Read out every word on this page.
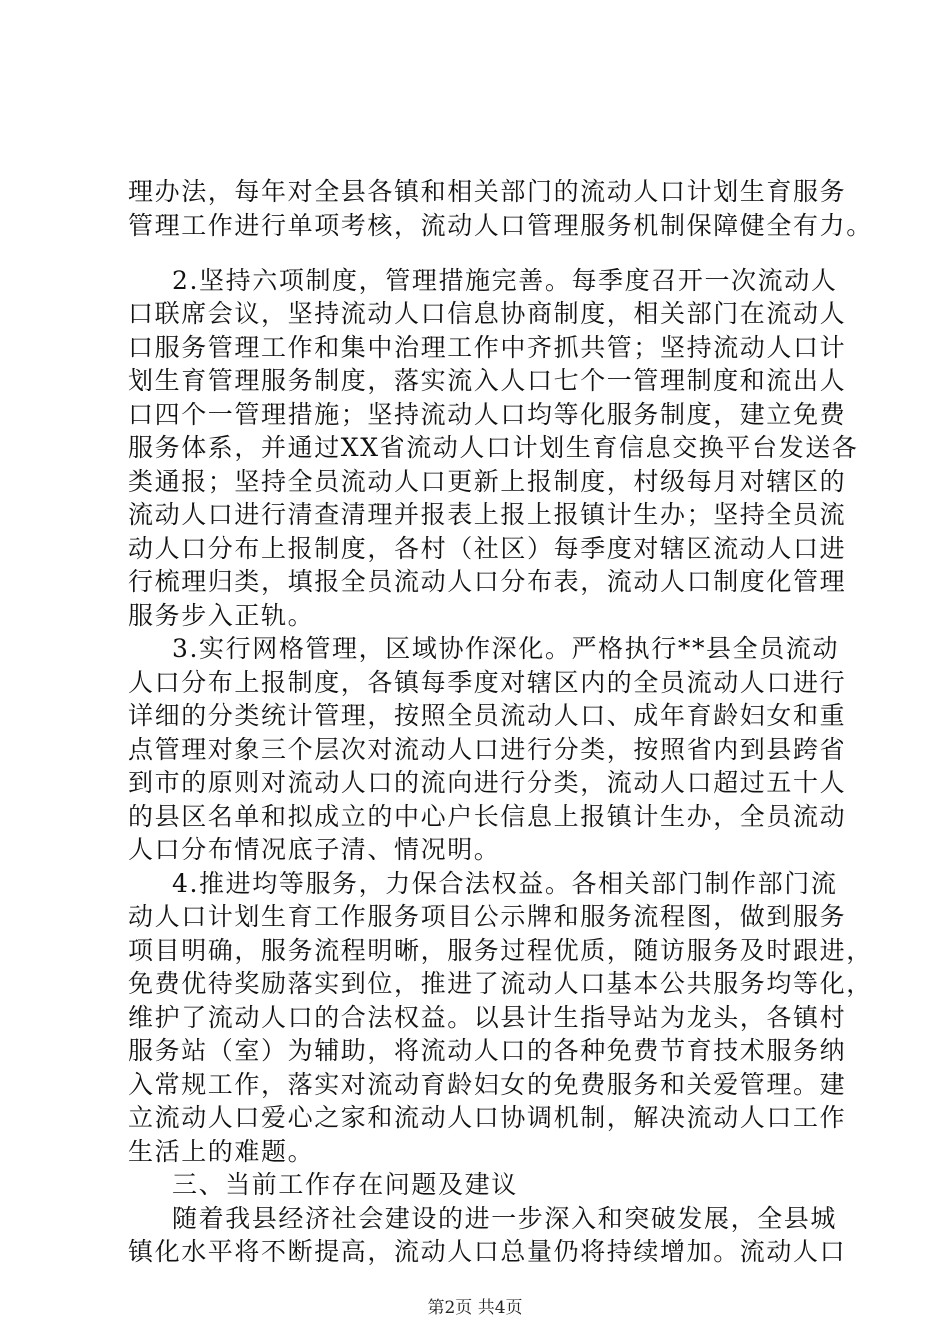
理办法，每年对全县各镇和相关部门的流动人口计划生育服务
管理工作进行单项考核，流动人口管理服务机制保障健全有力。
2.坚持六项制度，管理措施完善。每季度召开一次流动人
口联席会议，坚持流动人口信息协商制度，相关部门在流动人
口服务管理工作和集中治理工作中齐抓共管；坚持流动人口计
划生育管理服务制度，落实流入人口七个一管理制度和流出人
口四个一管理措施；坚持流动人口均等化服务制度，建立免费
服务体系，并通过XX省流动人口计划生育信息交换平台发送各
类通报；坚持全员流动人口更新上报制度，村级每月对辖区的
流动人口进行清查清理并报表上报上报镇计生办；坚持全员流
动人口分布上报制度，各村（社区）每季度对辖区流动人口进
行梳理归类，填报全员流动人口分布表，流动人口制度化管理
服务步入正轨。
3.实行网格管理，区域协作深化。严格执行**县全员流动
人口分布上报制度，各镇每季度对辖区内的全员流动人口进行
详细的分类统计管理，按照全员流动人口、成年育龄妇女和重
点管理对象三个层次对流动人口进行分类，按照省内到县跨省
到市的原则对流动人口的流向进行分类，流动人口超过五十人
的县区名单和拟成立的中心户长信息上报镇计生办，全员流动
人口分布情况底子清、情况明。
4.推进均等服务，力保合法权益。各相关部门制作部门流
动人口计划生育工作服务项目公示牌和服务流程图，做到服务
项目明确，服务流程明晰，服务过程优质，随访服务及时跟进，
免费优待奖励落实到位，推进了流动人口基本公共服务均等化，
维护了流动人口的合法权益。以县计生指导站为龙头，各镇村
服务站（室）为辅助，将流动人口的各种免费节育技术服务纳
入常规工作，落实对流动育龄妇女的免费服务和关爱管理。建
立流动人口爱心之家和流动人口协调机制，解决流动人口工作
生活上的难题。
三、当前工作存在问题及建议
随着我县经济社会建设的进一步深入和突破发展，全县城
镇化水平将不断提高，流动人口总量仍将持续增加。流动人口
第2页 共4页
